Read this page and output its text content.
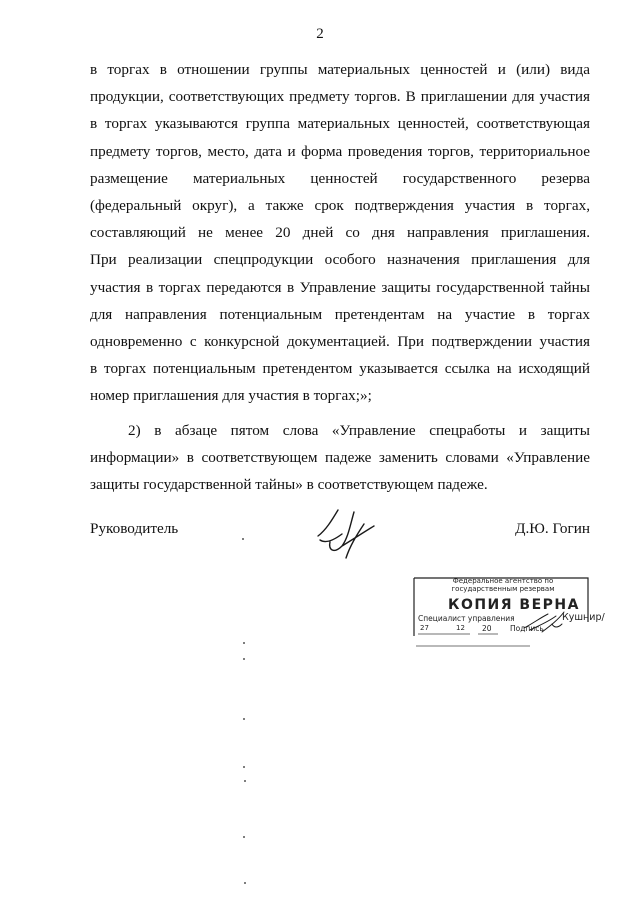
2
в торгах в отношении группы материальных ценностей и (или) вида
продукции, соответствующих предмету торгов. В приглашении для участия
в торгах указываются группа материальных ценностей, соответствующая
предмету торгов, место, дата и форма проведения торгов, территориальное
размещение материальных ценностей государственного резерва
(федеральный округ), а также срок подтверждения участия в торгах,
составляющий не менее 20 дней со дня направления приглашения.
При реализации спецпродукции особого назначения приглашения для
участия в торгах передаются в Управление защиты государственной тайны
для направления потенциальным претендентам на участие в торгах
одновременно с конкурсной документацией. При подтверждении участия
в торгах потенциальным претендентом указывается ссылка на исходящий
номер приглашения для участия в торгах;»;
2) в абзаце пятом слова «Управление спецработы и защиты
информации» в соответствующем падеже заменить словами «Управление
защиты государственной тайны» в соответствующем падеже.
Руководитель	Д.Ю. Гогин
Федеральное агентство по
государственным резервам
КОПИЯ ВЕРНА
Специалист управления
27	12 20 Подпись
Кушнир/
